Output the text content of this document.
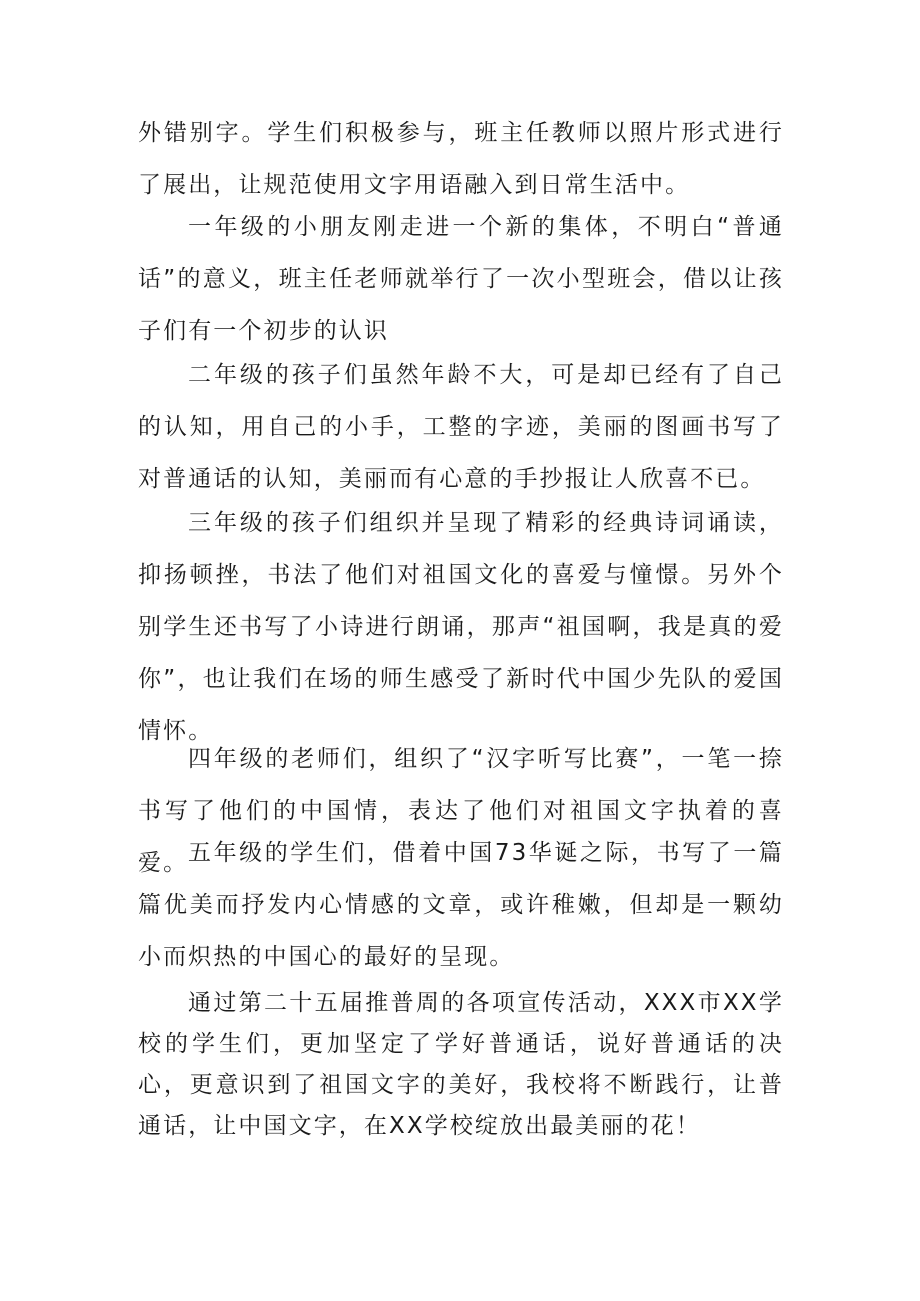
外错别字。学生们积极参与，班主任教师以照片形式进行了展出，让规范使用文字用语融入到日常生活中。

一年级的小朋友刚走进一个新的集体，不明白“普通话”的意义，班主任老师就举行了一次小型班会，借以让孩子们有一个初步的认识

二年级的孩子们虽然年龄不大，可是却已经有了自己的认知，用自己的小手，工整的字迹，美丽的图画书写了对普通话的认知，美丽而有心意的手抄报让人欣喜不已。

三年级的孩子们组织并呈现了精彩的经典诗词诵读，抑扬顿挫，书法了他们对祖国文化的喜爱与憧憬。另外个别学生还书写了小诗进行朗诵，那声“祖国啊，我是真的爱你”，也让我们在场的师生感受了新时代中国少先队的爱国情怀。

四年级的老师们，组织了“汉字听写比赛”，一笔一捺书写了他们的中国情，表达了他们对祖国文字执着的喜爱。 五年级的学生们，借着中国73华诞之际，书写了一篇篇优美而抒发内心情感的文章，或许稚嫩，但却是一颗幼小而炽热的中国心的最好的呈现。

通过第二十五届推普周的各项宣传活动，XXX市XX学校的学生们，更加坚定了学好普通话，说好普通话的决心，更意识到了祖国文字的美好，我校将不断践行，让普通话，让中国文字，在XX学校绽放出最美丽的花！
